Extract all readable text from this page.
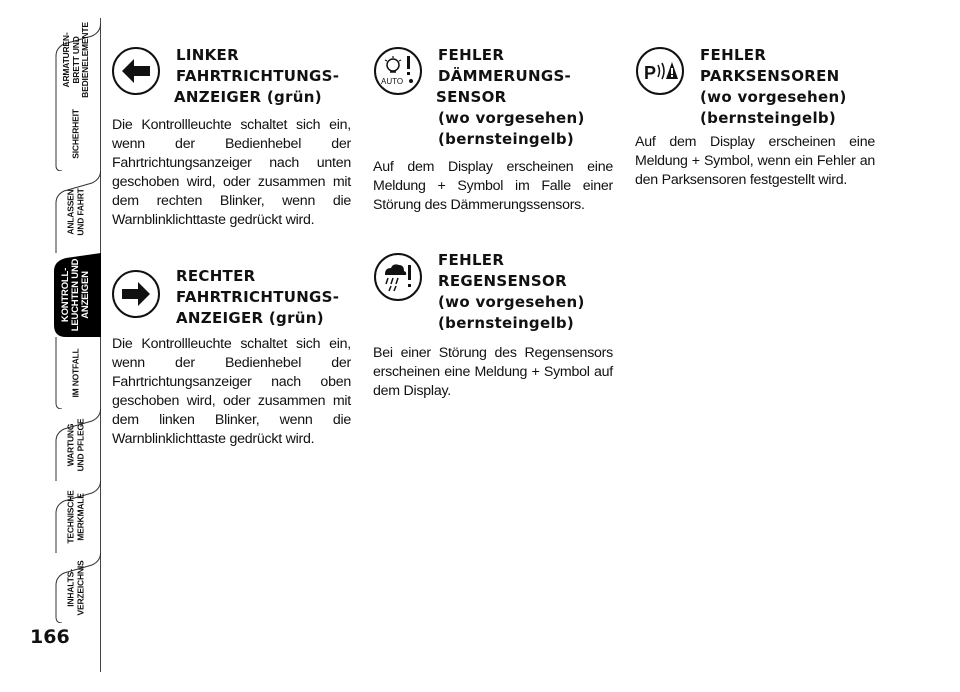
ARMATUREN-
BRETT UND
BEDIENELEMENTE
SICHERHEIT
ANLASSEN
UND FAHRT
KONTROLL-
LEUCHTEN UND
ANZEIGEN
IM NOTFALL
WARTUNG
UND PFLEGE
TECHNISCHE
MERKMALE
INHALTS-
VERZEICHNIS
166
LINKER
FAHRTRICHTUNGS-
ANZEIGER (grün)
Die Kontrollleuchte schaltet sich ein, wenn der Bedienhebel der Fahrtrichtungsanzeiger nach unten geschoben wird, oder zusammen mit dem rechten Blinker, wenn die Warnblinklichttaste gedrückt wird.
RECHTER
FAHRTRICHTUNGS-
ANZEIGER (grün)
Die Kontrollleuchte schaltet sich ein, wenn der Bedienhebel der Fahrtrichtungsanzeiger nach oben geschoben wird, oder zusammen mit dem linken Blinker, wenn die Warnblinklichttaste gedrückt wird.
AUTO
FEHLER
DÄMMERUNGS-
SENSOR
(wo vorgesehen)
(bernsteingelb)
Auf dem Display erscheinen eine Meldung + Symbol im Falle einer Störung des Dämmerungssensors.
FEHLER
REGENSENSOR
(wo vorgesehen)
(bernsteingelb)
Bei einer Störung des Regensensors erscheinen eine Meldung + Symbol auf dem Display.
P
FEHLER
PARKSENSOREN
(wo vorgesehen)
(bernsteingelb)
Auf dem Display erscheinen eine Meldung + Symbol, wenn ein Fehler an den Parksensoren festgestellt wird.
